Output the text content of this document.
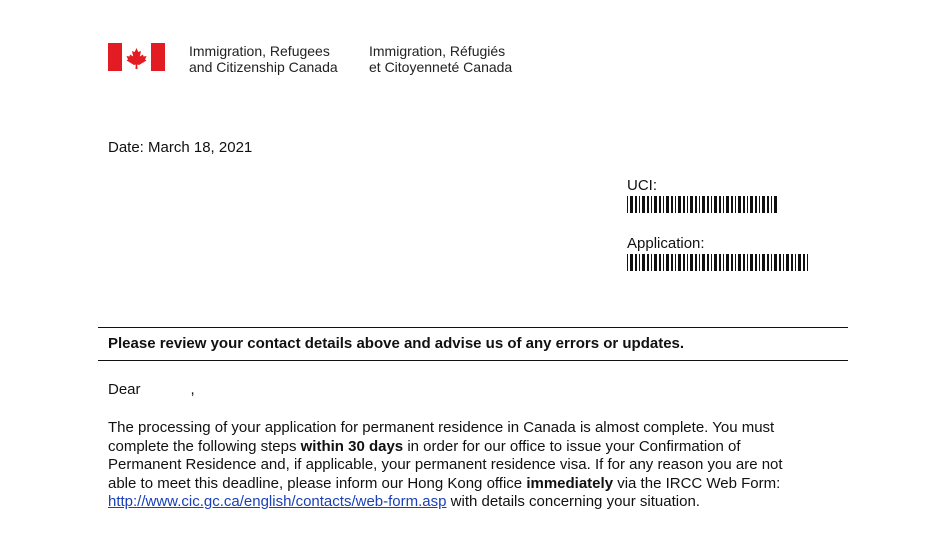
Immigration, Refugees
and Citizenship Canada
Immigration, Réfugiés
et Citoyenneté Canada
Date: March 18, 2021
UCI:
Application:
Please review your contact details above and advise us of any errors or updates.
Dear            ,
The processing of your application for permanent residence in Canada is almost complete. You must
complete the following steps within 30 days in order for our office to issue your Confirmation of
Permanent Residence and, if applicable, your permanent residence visa. If for any reason you are not
able to meet this deadline, please inform our Hong Kong office immediately via the IRCC Web Form:
http://www.cic.gc.ca/english/contacts/web-form.asp with details concerning your situation.
